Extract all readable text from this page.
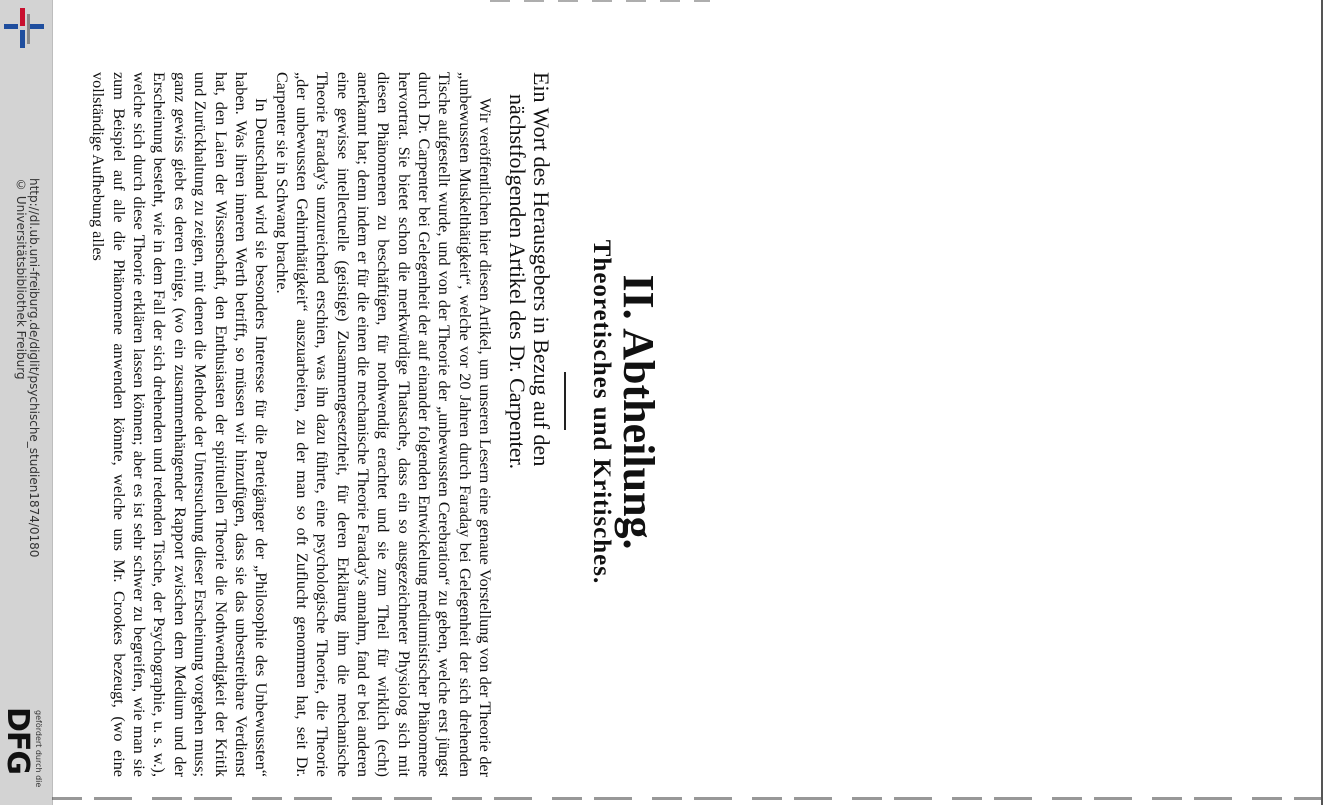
http://dl.ub.uni-freiburg.de/diglit/psychische_studien1874/0180
© Universitätsbibliothek Freiburg
DFG gefördert durch die
II. Abtheilung.
Theoretisches und Kritisches.
Ein Wort des Herausgebers in Bezug auf den
nächstfolgenden Artikel des Dr. Carpenter.

Wir veröffentlichen hier diesen Artikel, um unseren Lesern eine genaue Vorstellung von der Theorie der „unbewussten Muskelthätigkeit“, welche vor 20 Jahren durch Faraday bei Gelegenheit der sich drehenden Tische aufgestellt wurde, und von der Theorie der „unbewussten Cerebration“ zu geben, welche erst jüngst durch Dr. Carpenter bei Gelegenheit der auf einander folgenden Entwickelung mediumistischer Phänomene hervortrat. Sie bietet schon die merkwürdige Thatsache, dass ein so ausgezeichneter Physiolog sich mit diesen Phänomenen zu beschäftigen, für nothwendig erachtet und sie zum Theil für wirklich (echt) anerkannt hat; denn indem er für die einen die mechanische Theorie Faraday's annahm, fand er bei anderen eine gewisse intellectuelle (geistige) Zusammengesetztheit, für deren Erklärung ihm die mechanische Theorie Faraday's unzureichend erschien, was ihn dazu führte, eine psychologische Theorie, die Theorie „der unbewussten Gehirnthätigkeit“ auszuarbeiten, zu der man so oft Zuflucht genommen hat, seit Dr. Carpenter sie in Schwang brachte.

In Deutschland wird sie besonders Interesse für die Parteigänger der „Philosophie des Unbewussten“ haben. Was ihren inneren Werth betrifft, so müssen wir hinzufügen, dass sie das unbestreitbare Verdienst hat, den Laien der Wissenschaft, den Enthusiasten der spirituellen Theorie die Nothwendigkeit der Kritik und Zurückhaltung zu zeigen, mit denen die Methode der Untersuchung dieser Erscheinung vorgehen muss; ganz gewiss giebt es deren einige, (wo ein zusammenhängender Rapport zwischen dem Medium und der Erscheinung besteht, wie in dem Fall der sich drehenden und redenden Tische, der Psychographie, u. s. w.), welche sich durch diese Theorie erklären lassen können; aber es ist sehr schwer zu begreifen, wie man sie zum Beispiel auf alle die Phänomene anwenden könnte, welche uns Mr. Crookes bezeugt, (wo eine vollständige Aufhebung alles
